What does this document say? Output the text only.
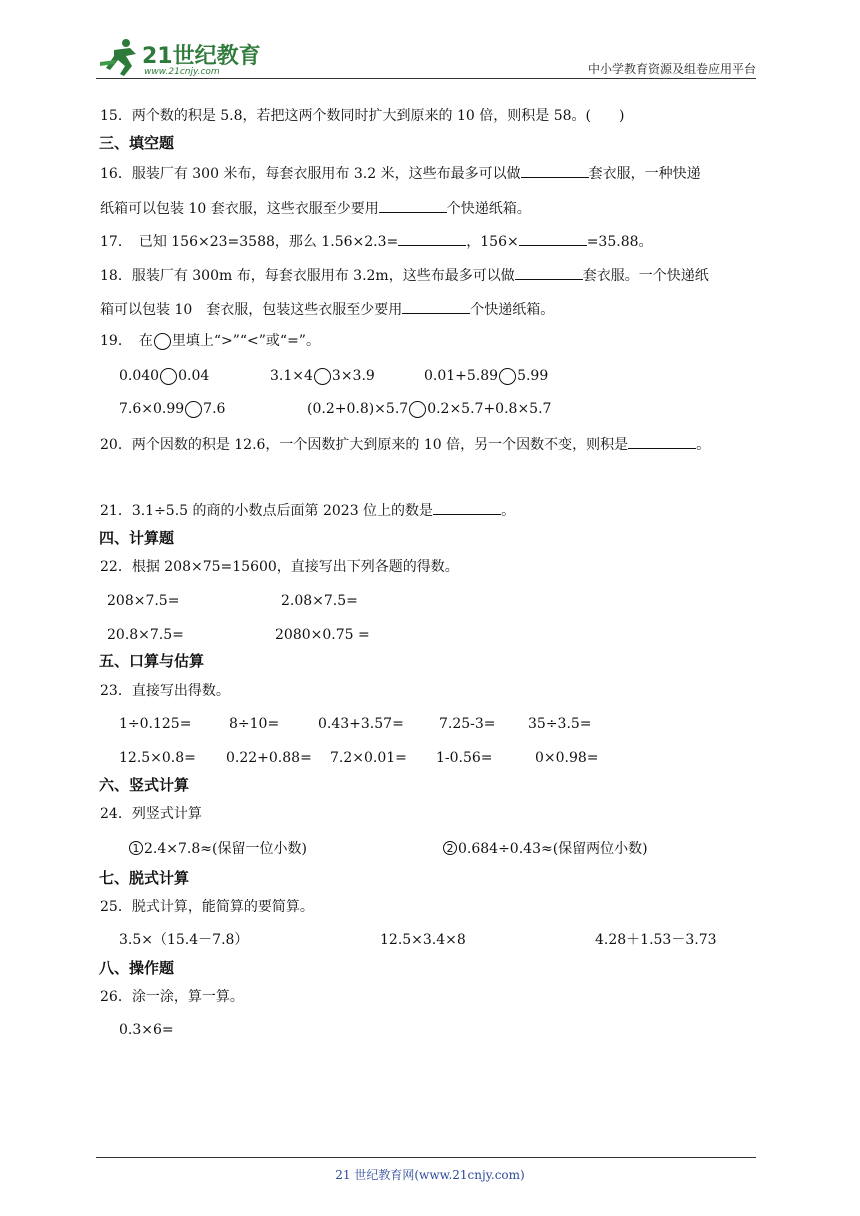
21世纪教育
www.21cnjy.com	中小学教育资源及组卷应用平台
15．两个数的积是 5.8，若把这两个数同时扩大到原来的 10 倍，则积是 58。(　　)
三、填空题
16．服装厂有 300 米布，每套衣服用布 3.2 米，这些布最多可以做	套衣服，一种快递
纸箱可以包装 10 套衣服，这些衣服至少要用	个快递纸箱。
17．　已知 156×23=3588，那么 1.56×2.3=	，156×	=35.88。
18．服装厂有 300m 布，每套衣服用布 3.2m，这些布最多可以做	套衣服。一个快递纸
箱可以包装 10　套衣服，包装这些衣服至少要用	个快递纸箱。
19．　在 里填上“>”“<”或“=”。
0.040 0.04	3.1×4 3×3.9	0.01+5.89 5.99
7.6×0.99 7.6	(0.2+0.8)×5.7 0.2×5.7+0.8×5.7
20．两个因数的积是 12.6，一个因数扩大到原来的 10 倍，另一个因数不变，则积是	。
21．3.1÷5.5 的商的小数点后面第 2023 位上的数是	。
四、计算题
22．根据 208×75=15600，直接写出下列各题的得数。
208×7.5=	2.08×7.5=
20.8×7.5=	2080×0.75 =
五、口算与估算
23．直接写出得数。
1÷0.125=	8÷10=	0.43+3.57=	7.25-3= 35÷3.5=
12.5×0.8= 0.22+0.88= 7.2×0.01= 1-0.56=	0×0.98=
六、竖式计算
24．列竖式计算
1 2.4×7.8≈(保留一位小数)	2 0.684÷0.43≈(保留两位小数)
七、脱式计算
25．脱式计算，能简算的要简算。
3.5×（15.4－7.8）	12.5×3.4×8	4.28＋1.53－3.73
八、操作题
26．涂一涂，算一算。
0.3×6=
21 世纪教育网(www.21cnjy.com)
